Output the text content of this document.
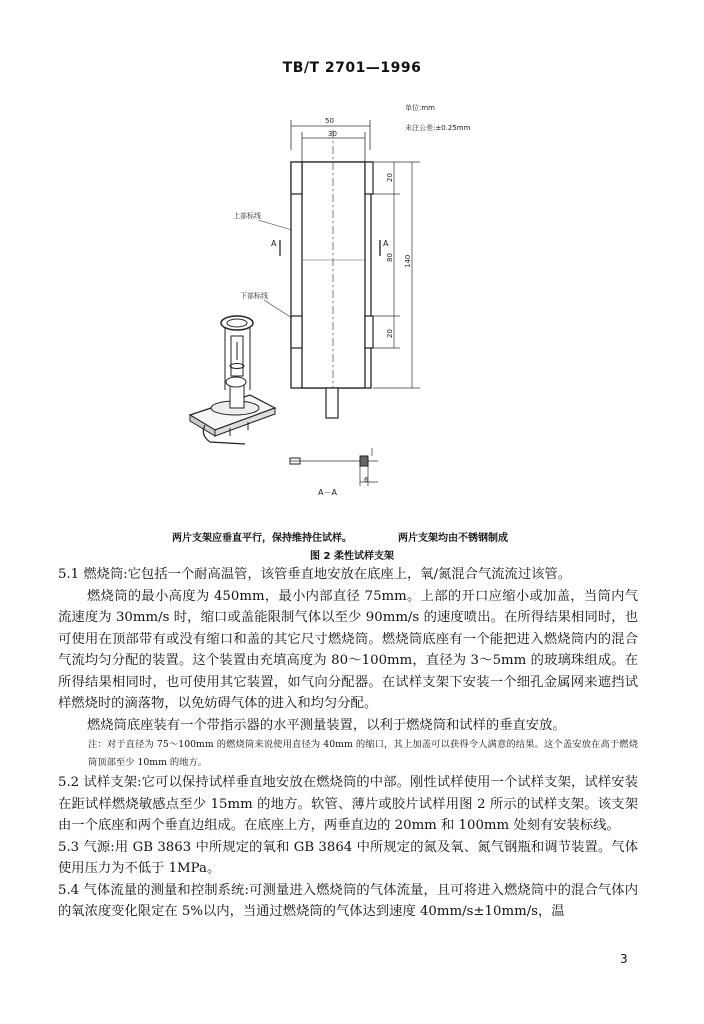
TB/T 2701—1996
50
30
单位:mm
未注公差:±0.25mm
20
80 140
20
上部标线
下部标线
A	A
6
A－A
两片支架应垂直平行，保持维持住试样。	两片支架均由不锈钢制成
图 2 柔性试样支架

5.1 燃烧筒:它包括一个耐高温管，该管垂直地安放在底座上，氧/氮混合气流流过该管。

燃烧筒的最小高度为 450mm，最小内部直径 75mm。上部的开口应缩小或加盖，当筒内气流速度为 30mm/s 时，缩口或盖能限制气体以至少 90mm/s 的速度喷出。在所得结果相同时，也可使用在顶部带有或没有缩口和盖的其它尺寸燃烧筒。燃烧筒底座有一个能把进入燃烧筒内的混合气流均匀分配的装置。这个装置由充填高度为 80～100mm，直径为 3～5mm 的玻璃珠组成。在所得结果相同时，也可使用其它装置，如气向分配器。在试样支架下安装一个细孔金属网来遮挡试样燃烧时的滴落物，以免妨碍气体的进入和均匀分配。

燃烧筒底座装有一个带指示器的水平测量装置，以利于燃烧筒和试样的垂直安放。

注：对于直径为 75～100mm 的燃烧筒来说使用直径为 40mm 的缩口，其上加盖可以获得令人满意的结果。这个盖安放在高于燃烧筒顶部至少 10mm 的地方。

5.2 试样支架:它可以保持试样垂直地安放在燃烧筒的中部。刚性试样使用一个试样支架，试样安装在距试样燃烧敏感点至少 15mm 的地方。软管、薄片或胶片试样用图 2 所示的试样支架。该支架由一个底座和两个垂直边组成。在底座上方，两垂直边的 20mm 和 100mm 处刻有安装标线。

5.3 气源:用 GB 3863 中所规定的氧和 GB 3864 中所规定的氮及氧、氮气钢瓶和调节装置。气体使用压力为不低于 1MPa。

5.4 气体流量的测量和控制系统:可测量进入燃烧筒的气体流量，且可将进入燃烧筒中的混合气体内的氧浓度变化限定在 5%以内，当通过燃烧筒的气体达到速度 40mm/s±10mm/s，温

3
